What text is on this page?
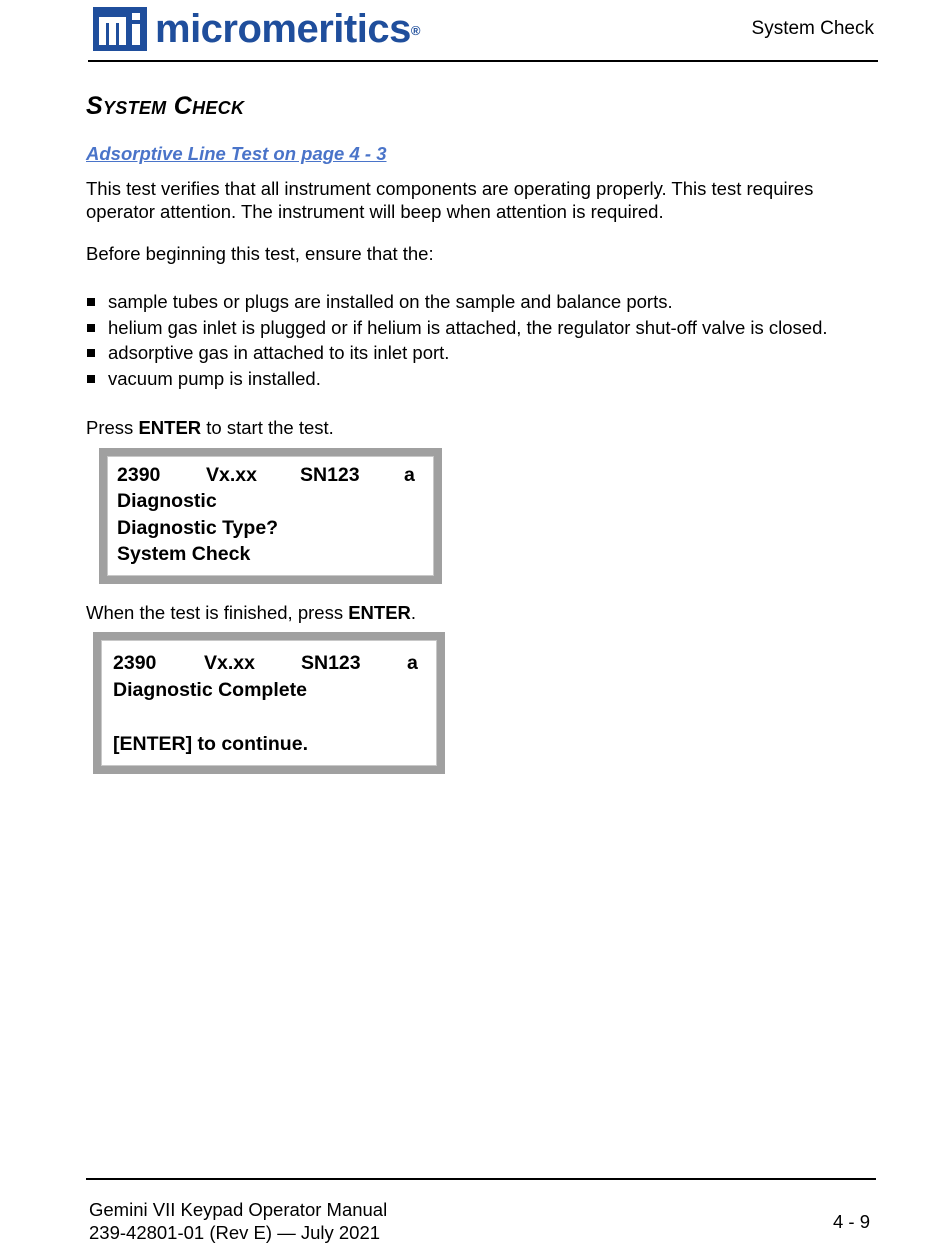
micromeritics®	System Check
System Check
Adsorptive Line Test on page 4 - 3

This test verifies that all instrument components are operating properly. This test requires operator attention. The instrument will beep when attention is required.

Before beginning this test, ensure that the:

sample tubes or plugs are installed on the sample and balance ports.
helium gas inlet is plugged or if helium is attached, the regulator shut-off valve is closed.
adsorptive gas in attached to its inlet port.
vacuum pump is installed.

Press ENTER to start the test.

2390 Vx.xx SN123 a
Diagnostic
Diagnostic Type?
System Check

When the test is finished, press ENTER.

2390 Vx.xx SN123 a
Diagnostic Complete
[ENTER] to continue.
Gemini VII Keypad Operator Manual
239-42801-01 (Rev E) — July 2021
4 - 9
